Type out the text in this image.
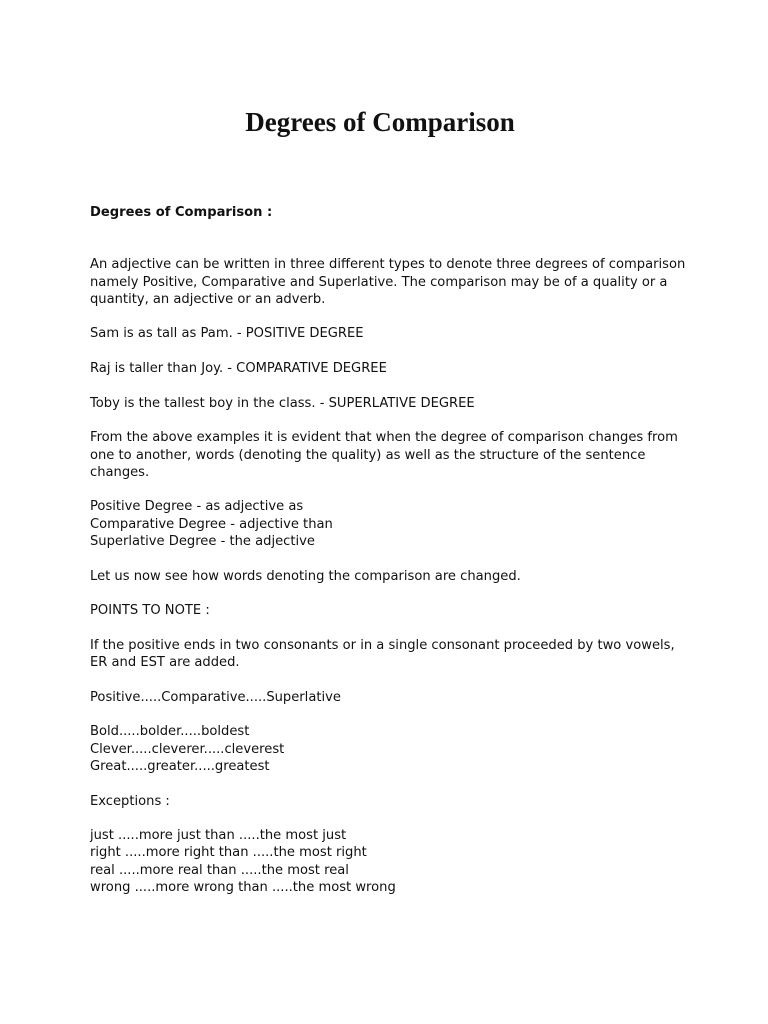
Degrees of Comparison

Degrees of Comparison :

An adjective can be written in three different types to denote three degrees of comparison namely Positive, Comparative and Superlative. The comparison may be of a quality or a quantity, an adjective or an adverb.

Sam is as tall as Pam. - POSITIVE DEGREE

Raj is taller than Joy. - COMPARATIVE DEGREE

Toby is the tallest boy in the class. - SUPERLATIVE DEGREE

From the above examples it is evident that when the degree of comparison changes from one to another, words (denoting the quality) as well as the structure of the sentence changes.

Positive Degree - as adjective as
Comparative Degree - adjective than
Superlative Degree - the adjective

Let us now see how words denoting the comparison are changed.

POINTS TO NOTE :

If the positive ends in two consonants or in a single consonant proceeded by two vowels, ER and EST are added.

Positive.....Comparative.....Superlative

Bold.....bolder.....boldest
Clever.....cleverer.....cleverest
Great.....greater.....greatest

Exceptions :

just .....more just than .....the most just
right .....more right than .....the most right
real .....more real than .....the most real
wrong .....more wrong than .....the most wrong
